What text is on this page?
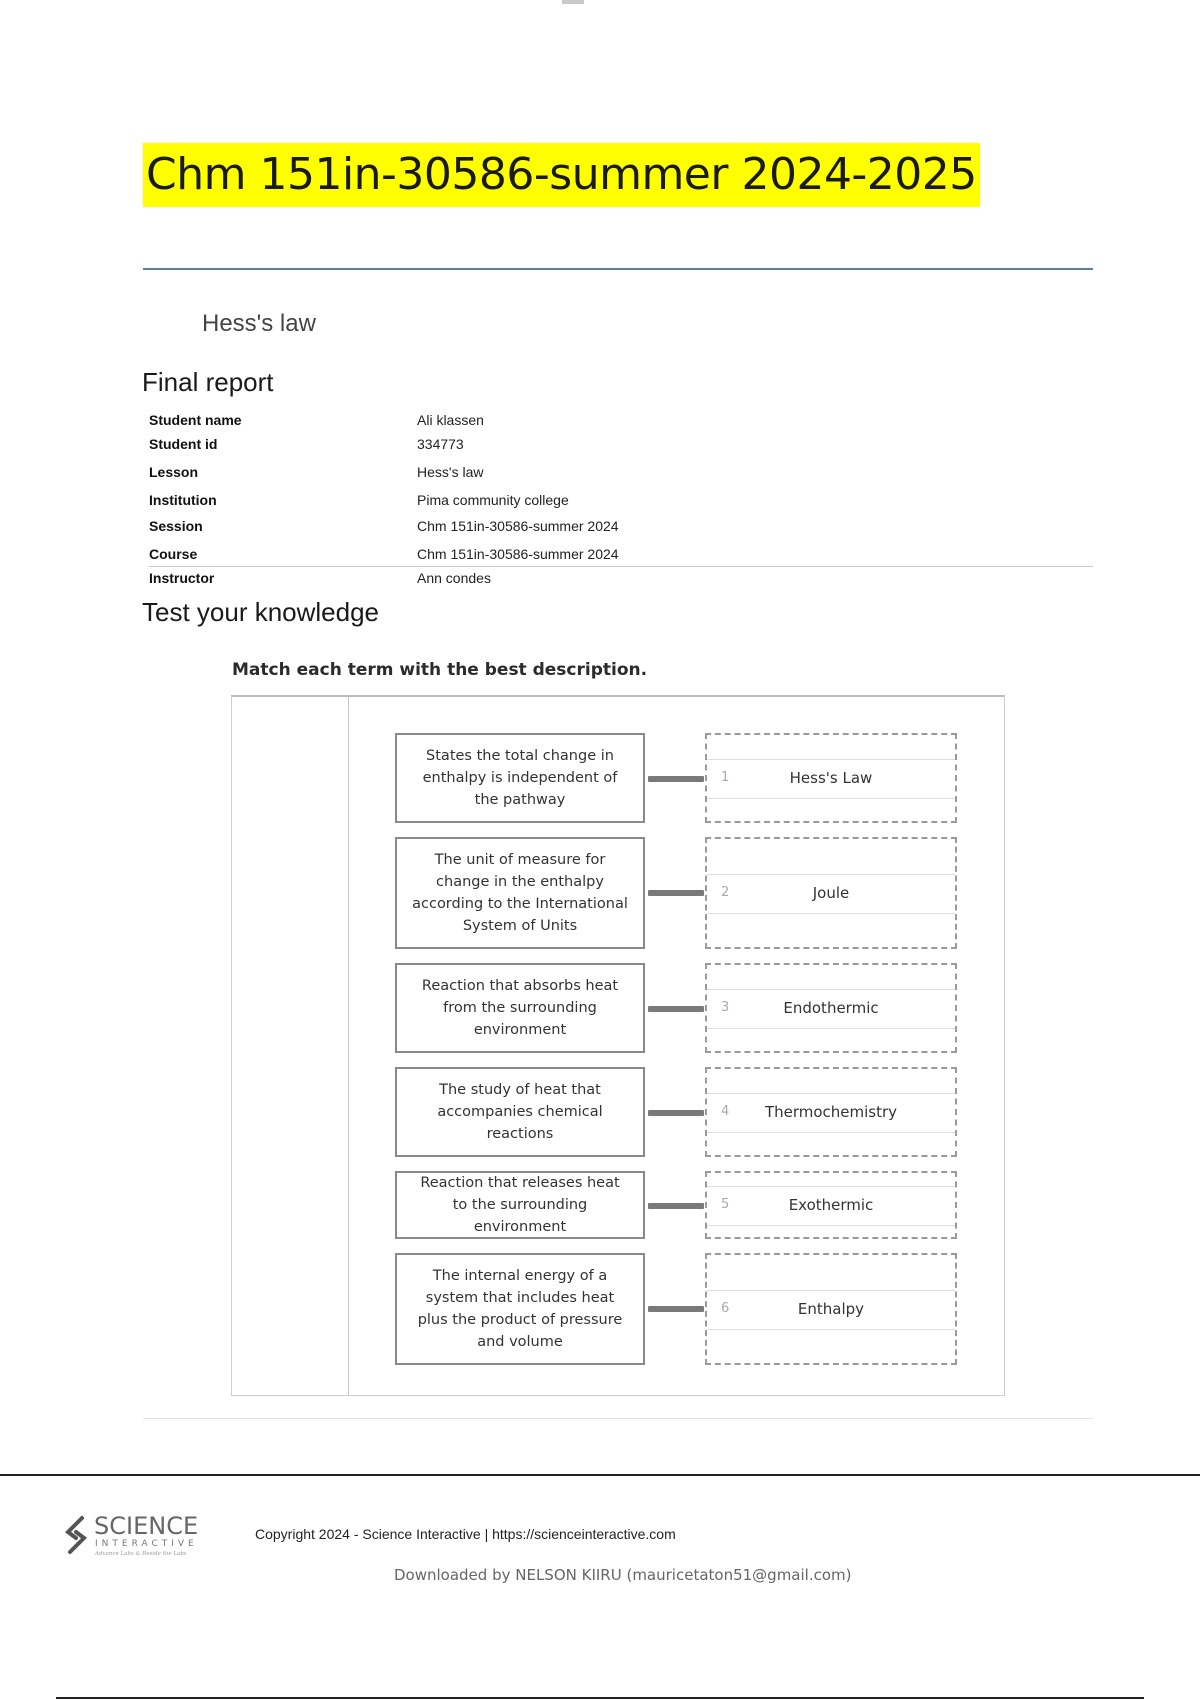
Chm 151in-30586-summer 2024-2025
Hess's law
Final report
Student name	Ali klassen
Student id	334773
Lesson	Hess's law
Institution	Pima community college
Session	Chm 151in-30586-summer 2024
Course	Chm 151in-30586-summer 2024
Instructor	Ann condes
Test your knowledge
Match each term with the best description.
States the total change in enthalpy is independent of the pathway
1	Hess's Law
The unit of measure for change in the enthalpy according to the International System of Units
2	Joule
Reaction that absorbs heat from the surrounding environment
3	Endothermic
The study of heat that accompanies chemical reactions
4	Thermochemistry
Reaction that releases heat to the surrounding environment
5	Exothermic
The internal energy of a system that includes heat plus the product of pressure and volume
6	Enthalpy
SCIENCE
INTERACTIVE
Advance Labs & Beside the Labs
Copyright 2024 - Science Interactive | https://scienceinteractive.com
Downloaded by NELSON KIIRU (mauricetaton51@gmail.com)
